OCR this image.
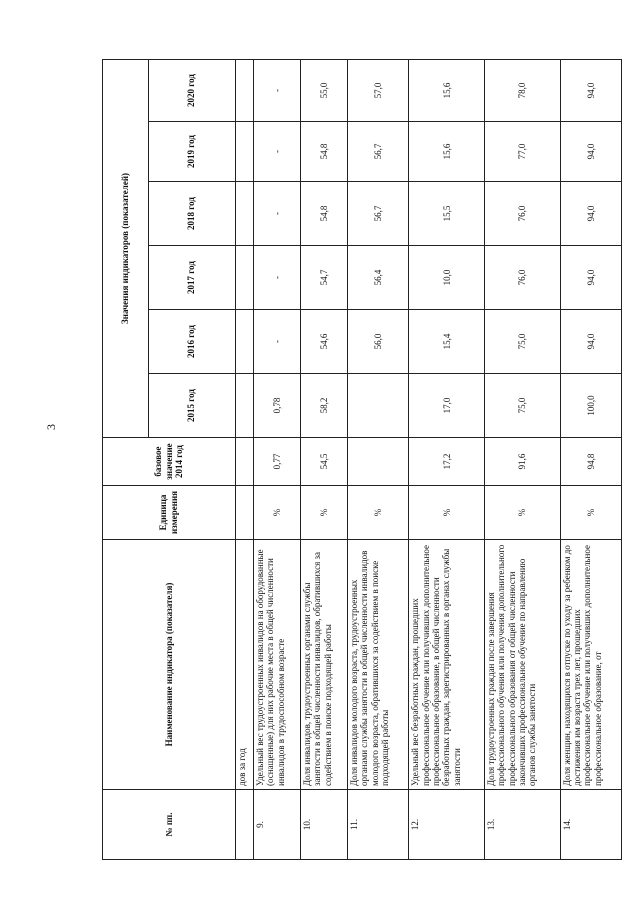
3
№ пп.	Наименование индикатора (показателя)	Единица измерения	базовое значение 2014 год	Значения индикаторов (показателей)					
				2015 год	2016 год	2017 год	2018 год	2019 год	2020 год
	дов за год								
9.	Удельный вес трудоустроенных инвалидов на оборудованные (оснащенные) для них рабочие места в общей численности инвалидов в трудоспособном возрасте	%	0,77	0,78	-	-	-	-	-
10.	Доля инвалидов, трудоустроенных органами службы занятости в общей численности инвалидов, обратившихся за содействием в поиске подходящей работы	%	54,5	58,2	54,6	54,7	54,8	54,8	55,0
11.	Доля инвалидов молодого возраста, трудоустроенных органами службы занятости в общей численности инвалидов молодого возраста, обратившихся за содействием в поиске подходящей работы	%			56,0	56,4	56,7	56,7	57,0
12.	Удельный вес безработных граждан, прошедших профессиональное обучение или получивших дополнительное профессиональное образование, в общей численности безработных граждан, зарегистрированных в органах службы занятости	%	17,2	17,0	15,4	10,0	15,5	15,6	15,6
13.	Доля трудоустроенных граждан после завершения профессионального обучения или получения дополнительного профессионального образования от общей численности закончивших профессиональное обучение по направлению органов службы занятости	%	91,6	75,0	75,0	76,0	76,0	77,0	78,0
14.	Доля женщин, находящихся в отпуске по уходу за ребенком до достижения им возраста трех лет, прошедших профессиональное обучение или получивших дополнительное профессиональное образование, от	%	94,8	100,0	94,0	94,0	94,0	94,0	94,0
